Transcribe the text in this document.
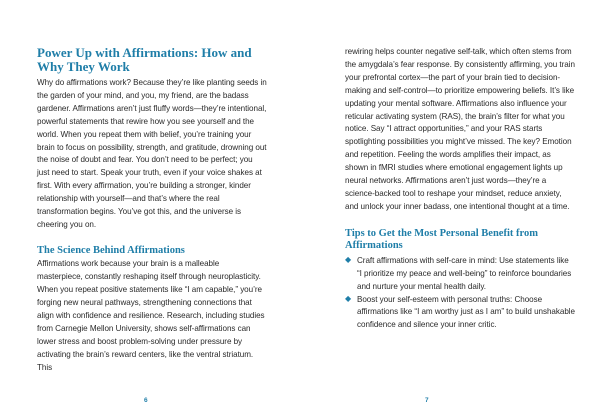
Power Up with Affirmations: How and Why They Work

Why do affirmations work? Because they’re like planting seeds in the garden of your mind, and you, my friend, are the badass gardener. Affirmations aren’t just fluffy words—they’re intentional, powerful statements that rewire how you see yourself and the world. When you repeat them with belief, you’re training your brain to focus on possibility, strength, and gratitude, drowning out the noise of doubt and fear. You don’t need to be perfect; you just need to start. Speak your truth, even if your voice shakes at first. With every affirmation, you’re building a stronger, kinder relationship with yourself—and that’s where the real transformation begins. You’ve got this, and the universe is cheering you on.

The Science Behind Affirmations

Affirmations work because your brain is a malleable masterpiece, constantly reshaping itself through neuroplasticity. When you repeat positive statements like “I am capable,” you’re forging new neural pathways, strengthening connections that align with confidence and resilience. Research, including studies from Carnegie Mellon University, shows self-affirmations can lower stress and boost problem-solving under pressure by activating the brain’s reward centers, like the ventral striatum. This

6

rewiring helps counter negative self-talk, which often stems from the amygdala’s fear response. By consistently affirming, you train your prefrontal cortex—the part of your brain tied to decision-making and self-control—to prioritize empowering beliefs. It’s like updating your mental software. Affirmations also influence your reticular activating system (RAS), the brain’s filter for what you notice. Say “I attract opportunities,” and your RAS starts spotlighting possibilities you might’ve missed. The key? Emotion and repetition. Feeling the words amplifies their impact, as shown in fMRI studies where emotional engagement lights up neural networks. Affirmations aren’t just words—they’re a science-backed tool to reshape your mindset, reduce anxiety, and unlock your inner badass, one intentional thought at a time.

Tips to Get the Most Personal Benefit from Affirmations
◆ Craft affirmations with self-care in mind: Use statements like “I prioritize my peace and well-being” to reinforce boundaries and nurture your mental health daily.

◆ Boost your self-esteem with personal truths: Choose affirmations like “I am worthy just as I am” to build unshakable confidence and silence your inner critic.

7
